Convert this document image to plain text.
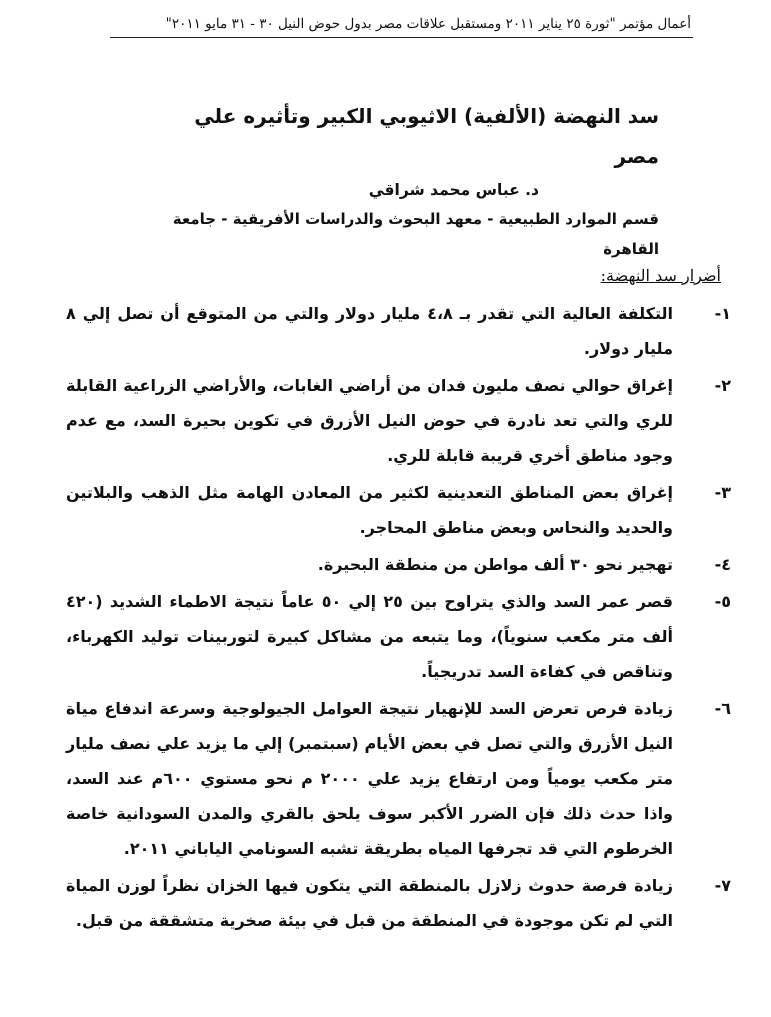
أعمال مؤتمر "ثورة ٢٥ يناير ٢٠١١ ومستقبل علاقات مصر بدول حوض النيل ٣٠ - ٣١ مايو ٢٠١١"
سد النهضة (الألفية) الاثيوبي الكبير وتأثيره علي مصر
د. عباس محمد شراقي
قسم الموارد الطبيعية - معهد البحوث والدراسات الأفريقية - جامعة القاهرة
أضرار سد النهضة:
١-
التكلفة العالية التي تقدر بـ ٤،٨ مليار دولار والتي من المتوقع أن تصل إلي ٨ مليار دولار.
٢-
إغراق حوالي نصف مليون فدان من أراضي الغابات، والأراضي الزراعية القابلة للري والتي تعد نادرة في حوض النيل الأزرق في تكوين بحيرة السد، مع عدم وجود مناطق أخري قريبة قابلة للري.
٣-
إغراق بعض المناطق التعدينية لكثير من المعادن الهامة مثل الذهب والبلاتين والحديد والنحاس وبعض مناطق المحاجر.
٤-
تهجير نحو ٣٠ ألف مواطن من منطقة البحيرة.
٥-
قصر عمر السد والذي يتراوح بين ٢٥ إلي ٥٠ عاماً نتيجة الاطماء الشديد (٤٢٠ ألف متر مكعب سنوياً)، وما يتبعه من مشاكل كبيرة لتوربينات توليد الكهرباء، وتناقص في كفاءة السد تدريجياً.
٦-
زيادة فرص تعرض السد للإنهيار نتيجة العوامل الجيولوجية وسرعة اندفاع مياة النيل الأزرق والتي تصل في بعض الأيام (سبتمبر) إلي ما يزيد علي نصف مليار متر مكعب يومياً ومن ارتفاع يزيد علي ٢٠٠٠ م نحو مستوي ٦٠٠م عند السد، واذا حدث ذلك فإن الضرر الأكبر سوف يلحق بالقري والمدن السودانية خاصة الخرطوم التي قد تجرفها المياه بطريقة تشبه السونامي الياباني ٢٠١١.
٧-
زيادة فرصة حدوث زلازل بالمنطقة التي يتكون فيها الخزان نظراً لوزن المياة التي لم تكن موجودة في المنطقة من قبل في بيئة صخرية متشققة من قبل.
